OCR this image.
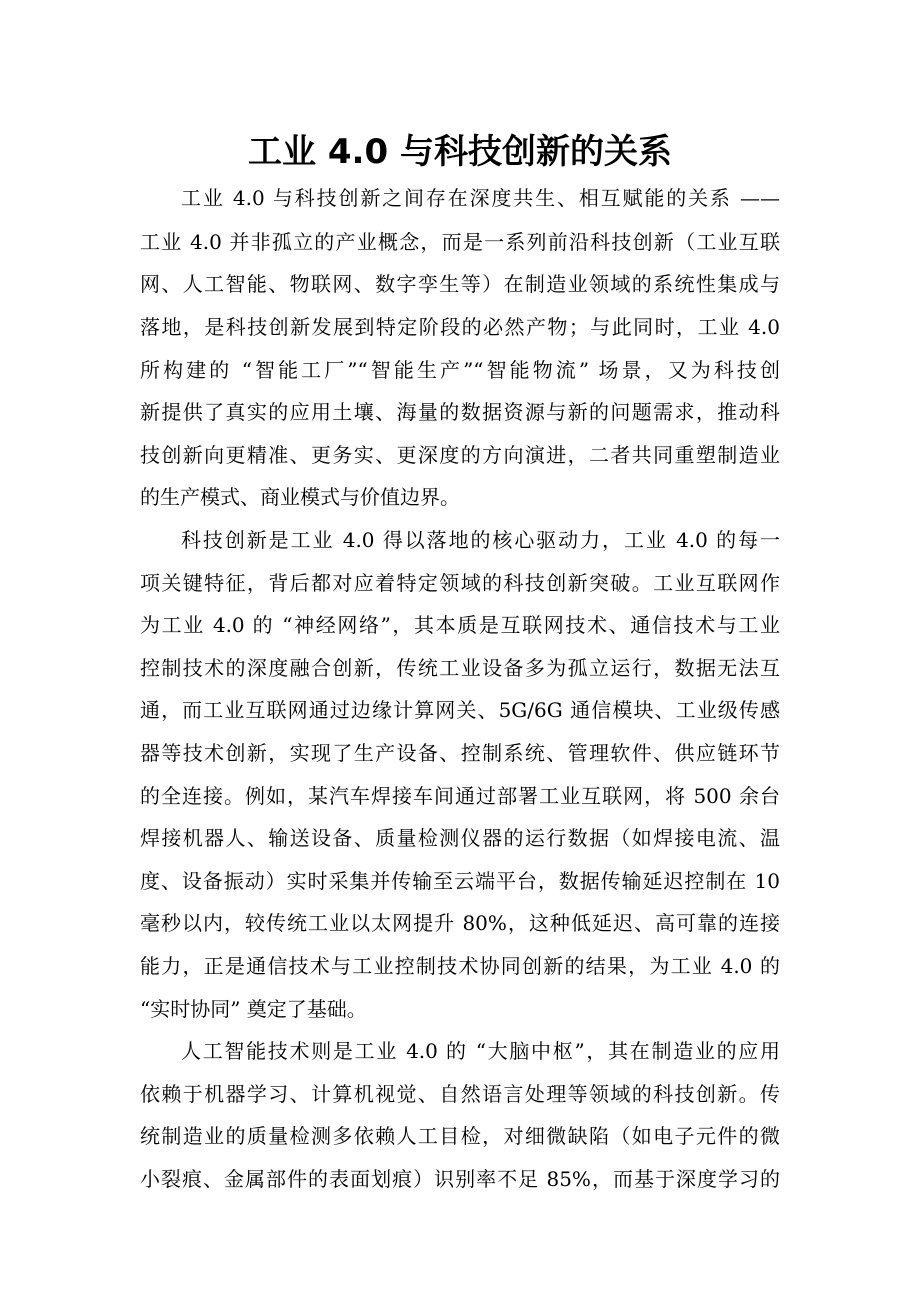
工业 4.0 与科技创新的关系
工业 4.0 与科技创新之间存在深度共生、相互赋能的关系 ——
工业 4.0 并非孤立的产业概念，而是一系列前沿科技创新（工业互联
网、人工智能、物联网、数字孪生等）在制造业领域的系统性集成与
落地，是科技创新发展到特定阶段的必然产物；与此同时，工业 4.0
所构建的 “智能工厂”“智能生产”“智能物流” 场景，又为科技创
新提供了真实的应用土壤、海量的数据资源与新的问题需求，推动科
技创新向更精准、更务实、更深度的方向演进，二者共同重塑制造业
的生产模式、商业模式与价值边界。
科技创新是工业 4.0 得以落地的核心驱动力，工业 4.0 的每一
项关键特征，背后都对应着特定领域的科技创新突破。工业互联网作
为工业 4.0 的 “神经网络”，其本质是互联网技术、通信技术与工业
控制技术的深度融合创新，传统工业设备多为孤立运行，数据无法互
通，而工业互联网通过边缘计算网关、5G/6G 通信模块、工业级传感
器等技术创新，实现了生产设备、控制系统、管理软件、供应链环节
的全连接。例如，某汽车焊接车间通过部署工业互联网，将 500 余台
焊接机器人、输送设备、质量检测仪器的运行数据（如焊接电流、温
度、设备振动）实时采集并传输至云端平台，数据传输延迟控制在 10
毫秒以内，较传统工业以太网提升 80%，这种低延迟、高可靠的连接
能力，正是通信技术与工业控制技术协同创新的结果，为工业 4.0 的
“实时协同” 奠定了基础。
人工智能技术则是工业 4.0 的 “大脑中枢”，其在制造业的应用
依赖于机器学习、计算机视觉、自然语言处理等领域的科技创新。传
统制造业的质量检测多依赖人工目检，对细微缺陷（如电子元件的微
小裂痕、金属部件的表面划痕）识别率不足 85%，而基于深度学习的
